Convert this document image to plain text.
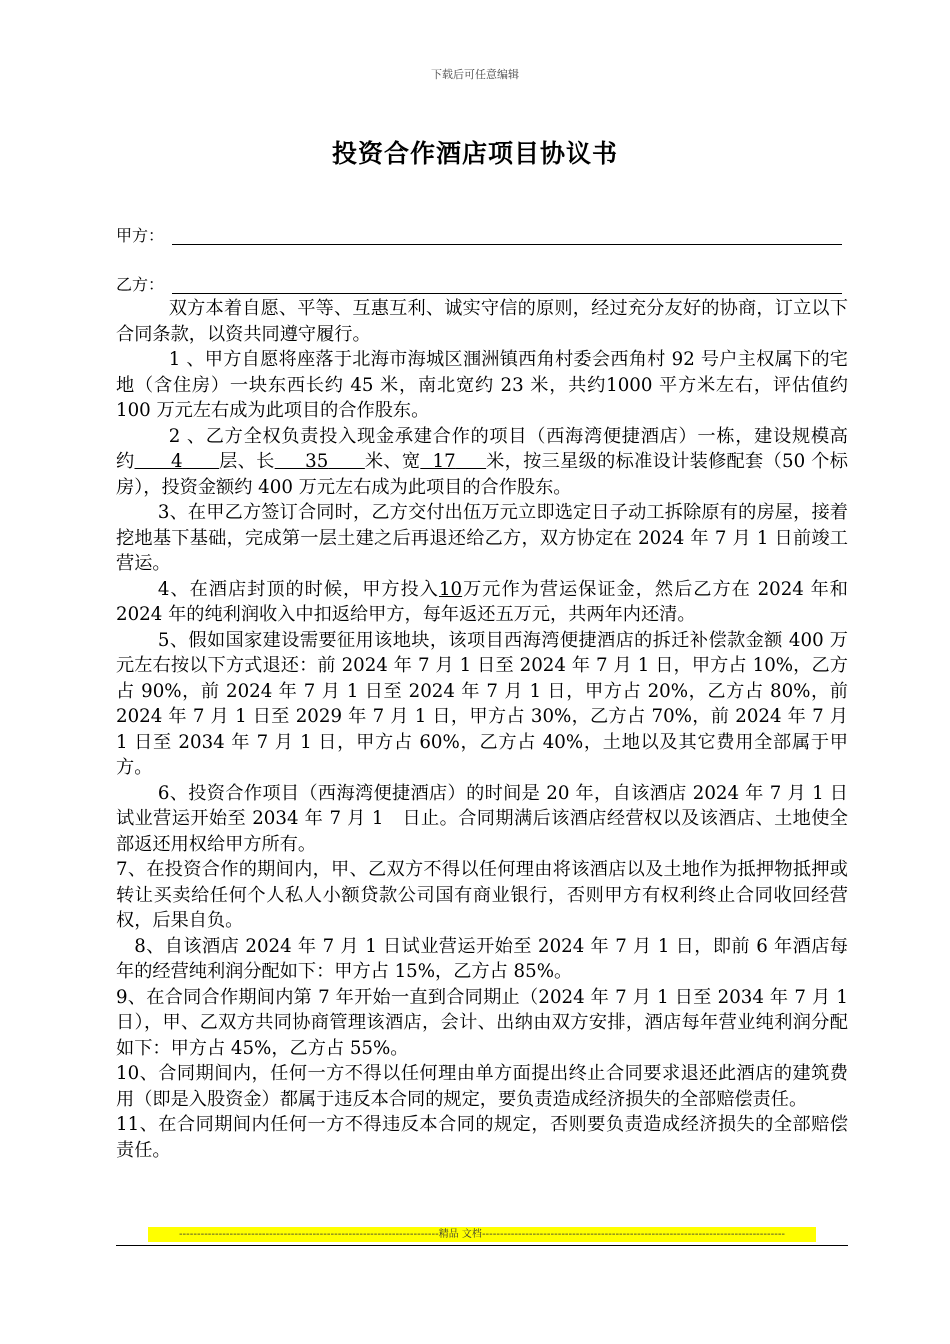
下载后可任意编辑
投资合作酒店项目协议书
甲方：
乙方：

双方本着自愿、平等、互惠互利、诚实守信的原则，经过充分友好的协商，订立以下合同条款，以资共同遵守履行。

1 、甲方自愿将座落于北海市海城区涠洲镇西角村委会西角村 92 号户主权属下的宅地（含住房）一块东西长约 45 米，南北宽约 23 米，共约1000 平方米左右，评估值约 100 万元左右成为此项目的合作股东。

2 、乙方全权负责投入现金承建合作的项目（西海湾便捷酒店）一栋，建设规模高约 4 层、长 35 米、宽 17 米，按三星级的标准设计装修配套（50 个标房），投资金额约 400 万元左右成为此项目的合作股东。

3、在甲乙方签订合同时，乙方交付出伍万元立即选定日子动工拆除原有的房屋，接着挖地基下基础，完成第一层土建之后再退还给乙方，双方协定在 2024 年 7 月 1 日前竣工营运。

4、在酒店封顶的时候，甲方投入10万元作为营运保证金，然后乙方在 2024 年和 2024 年的纯利润收入中扣返给甲方，每年返还五万元，共两年内还清。

5、假如国家建设需要征用该地块，该项目西海湾便捷酒店的拆迁补偿款金额 400 万元左右按以下方式退还：前 2024 年 7 月 1 日至 2024 年 7 月 1 日，甲方占 10%，乙方占 90%，前 2024 年 7 月 1 日至 2024 年 7 月 1 日，甲方占 20%，乙方占 80%，前 2024 年 7 月 1 日至 2029 年 7 月 1 日，甲方占 30%，乙方占 70%，前 2024 年 7 月 1 日至 2034 年 7 月 1 日，甲方占 60%，乙方占 40%，土地以及其它费用全部属于甲方。

6、投资合作项目（西海湾便捷酒店）的时间是 20 年，自该酒店 2024 年 7 月 1 日试业营运开始至 2034 年 7 月 1　日止。合同期满后该酒店经营权以及该酒店、土地使全部返还用权给甲方所有。

7、在投资合作的期间内，甲、乙双方不得以任何理由将该酒店以及土地作为抵押物抵押或转让买卖给任何个人私人小额贷款公司国有商业银行，否则甲方有权利终止合同收回经营权，后果自负。

8、自该酒店 2024 年 7 月 1 日试业营运开始至 2024 年 7 月 1 日，即前 6 年酒店每年的经营纯利润分配如下：甲方占 15%，乙方占 85%。

9、在合同合作期间内第 7 年开始一直到合同期止（2024 年 7 月 1 日至 2034 年 7 月 1 日），甲、乙双方共同协商管理该酒店，会计、出纳由双方安排，酒店每年营业纯利润分配如下：甲方占 45%，乙方占 55%。

10、合同期间内，任何一方不得以任何理由单方面提出终止合同要求退还此酒店的建筑费用（即是入股资金）都属于违反本合同的规定，要负责造成经济损失的全部赔偿责任。

11、在合同期间内任何一方不得违反本合同的规定，否则要负责造成经济损失的全部赔偿责任。

------------------------------------------------------------------------精品 文档------------------------------------------------------------------------------------
